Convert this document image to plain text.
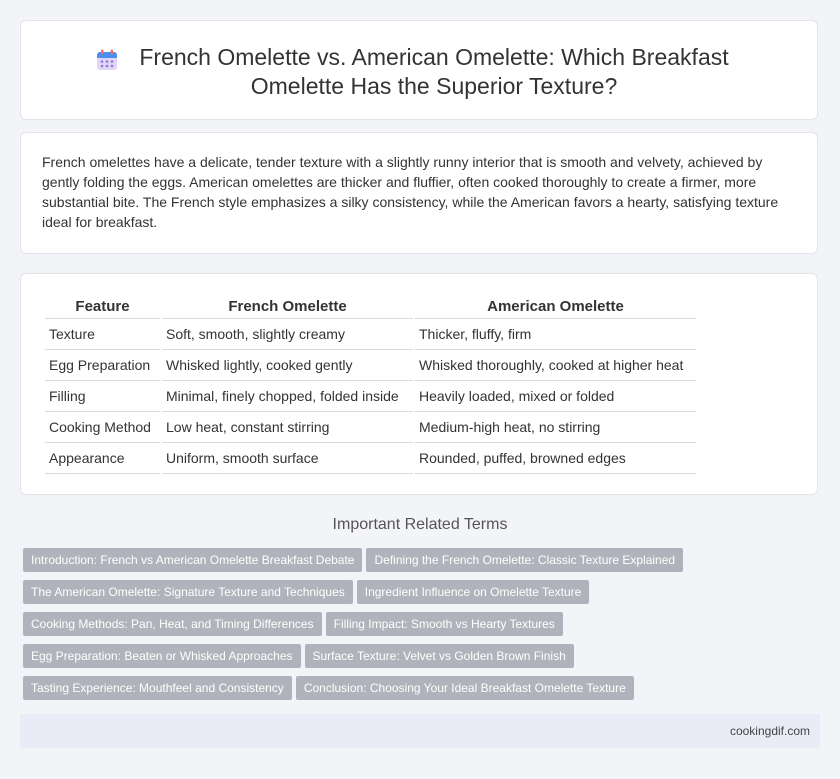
French Omelette vs. American Omelette: Which Breakfast Omelette Has the Superior Texture?

French omelettes have a delicate, tender texture with a slightly runny interior that is smooth and velvety, achieved by gently folding the eggs. American omelettes are thicker and fluffier, often cooked thoroughly to create a firmer, more substantial bite. The French style emphasizes a silky consistency, while the American favors a hearty, satisfying texture ideal for breakfast.

Feature	French Omelette	American Omelette
Texture	Soft, smooth, slightly creamy	Thicker, fluffy, firm
Egg Preparation	Whisked lightly, cooked gently	Whisked thoroughly, cooked at higher heat
Filling	Minimal, finely chopped, folded inside	Heavily loaded, mixed or folded
Cooking Method	Low heat, constant stirring	Medium-high heat, no stirring
Appearance	Uniform, smooth surface	Rounded, puffed, browned edges
Important Related Terms
Introduction: French vs American Omelette Breakfast Debate Defining the French Omelette: Classic Texture Explained
The American Omelette: Signature Texture and Techniques Ingredient Influence on Omelette Texture
Cooking Methods: Pan, Heat, and Timing Differences Filling Impact: Smooth vs Hearty Textures
Egg Preparation: Beaten or Whisked Approaches Surface Texture: Velvet vs Golden Brown Finish
Tasting Experience: Mouthfeel and Consistency Conclusion: Choosing Your Ideal Breakfast Omelette Texture
cookingdif.com
